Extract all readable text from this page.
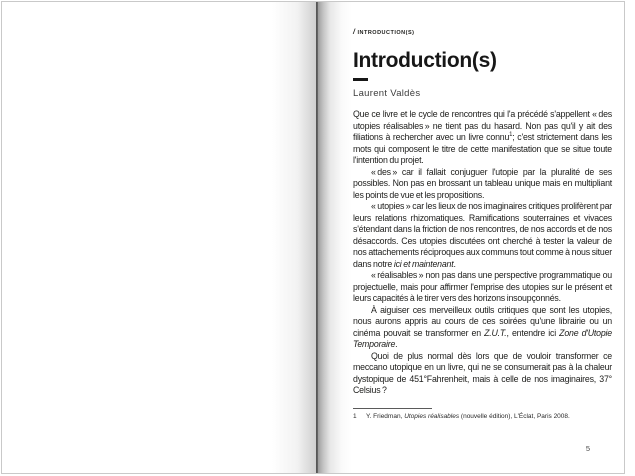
/ INTRODUCTION(S)
Introduction(s)
Laurent Valdès

Que ce livre et le cycle de rencontres qui l'a précédé s'appellent « des utopies réalisables » ne tient pas du hasard. Non pas qu'il y ait des filiations à rechercher avec un livre connu$^1$; c'est strictement dans les mots qui composent le titre de cette manifestation que se situe toute l'intention du projet.

« des » car il fallait conjuguer l'utopie par la pluralité de ses possibles. Non pas en brossant un tableau unique mais en multipliant les points de vue et les propositions.

« utopies » car les lieux de nos imaginaires critiques prolifèrent par leurs relations rhizomatiques. Ramifications souterraines et vivaces s'étendant dans la friction de nos rencontres, de nos accords et de nos désaccords. Ces utopies discutées ont cherché à tester la valeur de nos attachements réciproques aux communs tout comme à nous situer dans notre ici et maintenant.

« réalisables » non pas dans une perspective programmatique ou projectuelle, mais pour affirmer l'emprise des utopies sur le présent et leurs capacités à le tirer vers des horizons insoupçonnés.

À aiguiser ces merveilleux outils critiques que sont les utopies, nous aurons appris au cours de ces soirées qu'une librairie ou un cinéma pouvait se transformer en Z.U.T., entendre ici Zone d'Utopie Temporaire.

Quoi de plus normal dès lors que de vouloir transformer ce meccano utopique en un livre, qui ne se consumerait pas à la chaleur dystopique de 451°Fahrenheit, mais à celle de nos imaginaires, 37° Celsius ?

1	Y. Friedman, Utopies réalisables (nouvelle édition), L'Éclat, Paris 2008.
5
